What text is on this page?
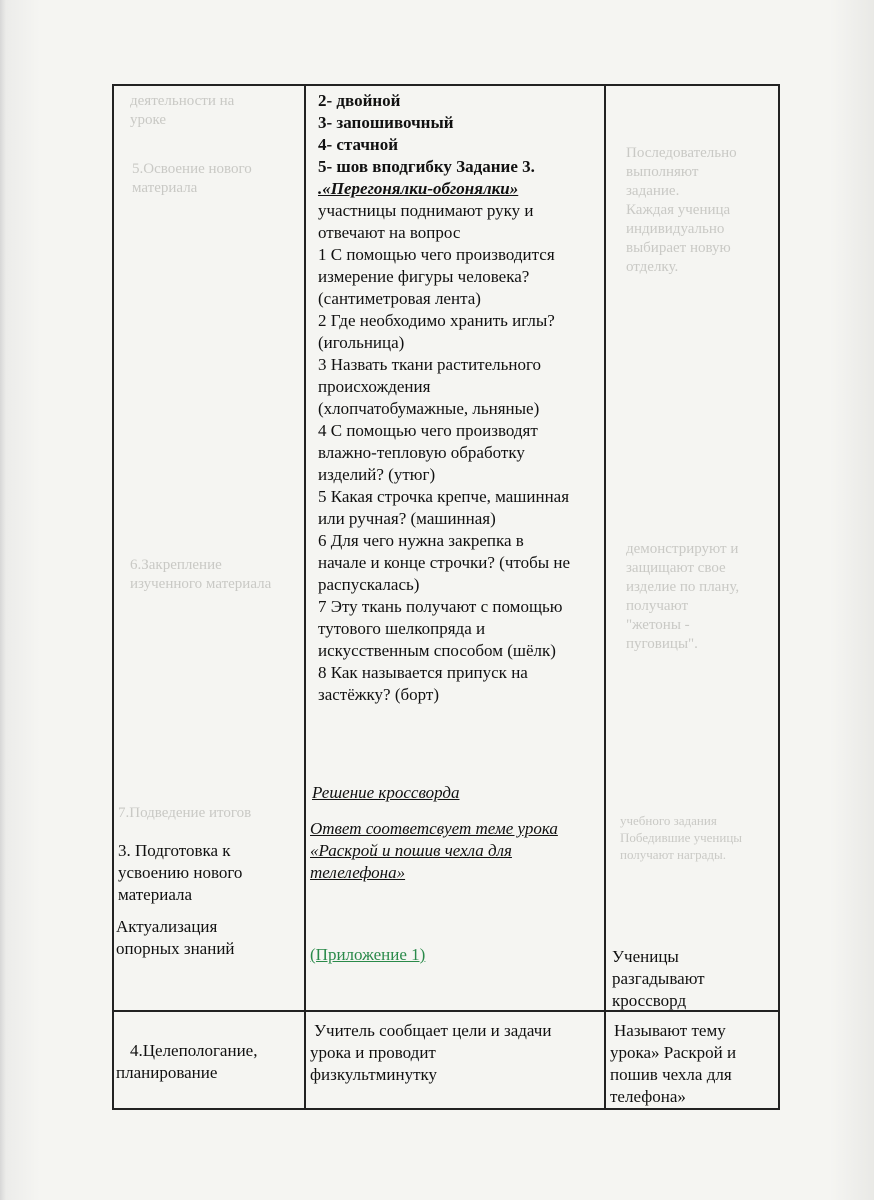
деятельности на
уроке
5.Освоение нового
материала
Последовательно
выполняют
задание.
Каждая ученица
индивидуально
выбирает новую
отделку.
6.Закрепление
изученного материала
демонстрируют и
защищают свое
изделие по плану,
получают
"жетоны -
пуговицы".
7.Подведение итогов	учебного задания
Победившие ученицы
получают награды.
2- двойной
3- запошивочный
4- стачной
5- шов вподгибку Задание 3.
.«Перегонялки-обгонялки»
участницы поднимают руку и
отвечают на вопрос
1 С помощью чего производится
измерение фигуры человека?
(сантиметровая лента)
2 Где необходимо хранить иглы?
(игольница)
3 Назвать ткани растительного
происхождения
(хлопчатобумажные, льняные)
4 С помощью чего производят
влажно-тепловую обработку
изделий? (утюг)
5 Какая строчка крепче, машинная
или ручная? (машинная)
6 Для чего нужна закрепка в
начале и конце строчки? (чтобы не
распускалась)
7 Эту ткань получают с помощью
тутового шелкопряда и
искусственным способом (шёлк)
8 Как называется припуск на
застёжку? (борт)
Решение кроссворда
Ответ соответсвует теме урока
«Раскрой и пошив чехла для
телелефона»
(Приложение 1)
3. Подготовка к
усвоению нового
материала
Актуализация
опорных знаний	Ученицы
разгадывают
кроссворд
4.Целепологание,
планирование
Учитель сообщает цели и задачи
урока и проводит
физкультминутку
Называют тему
урока» Раскрой и
пошив чехла для
телефона»
